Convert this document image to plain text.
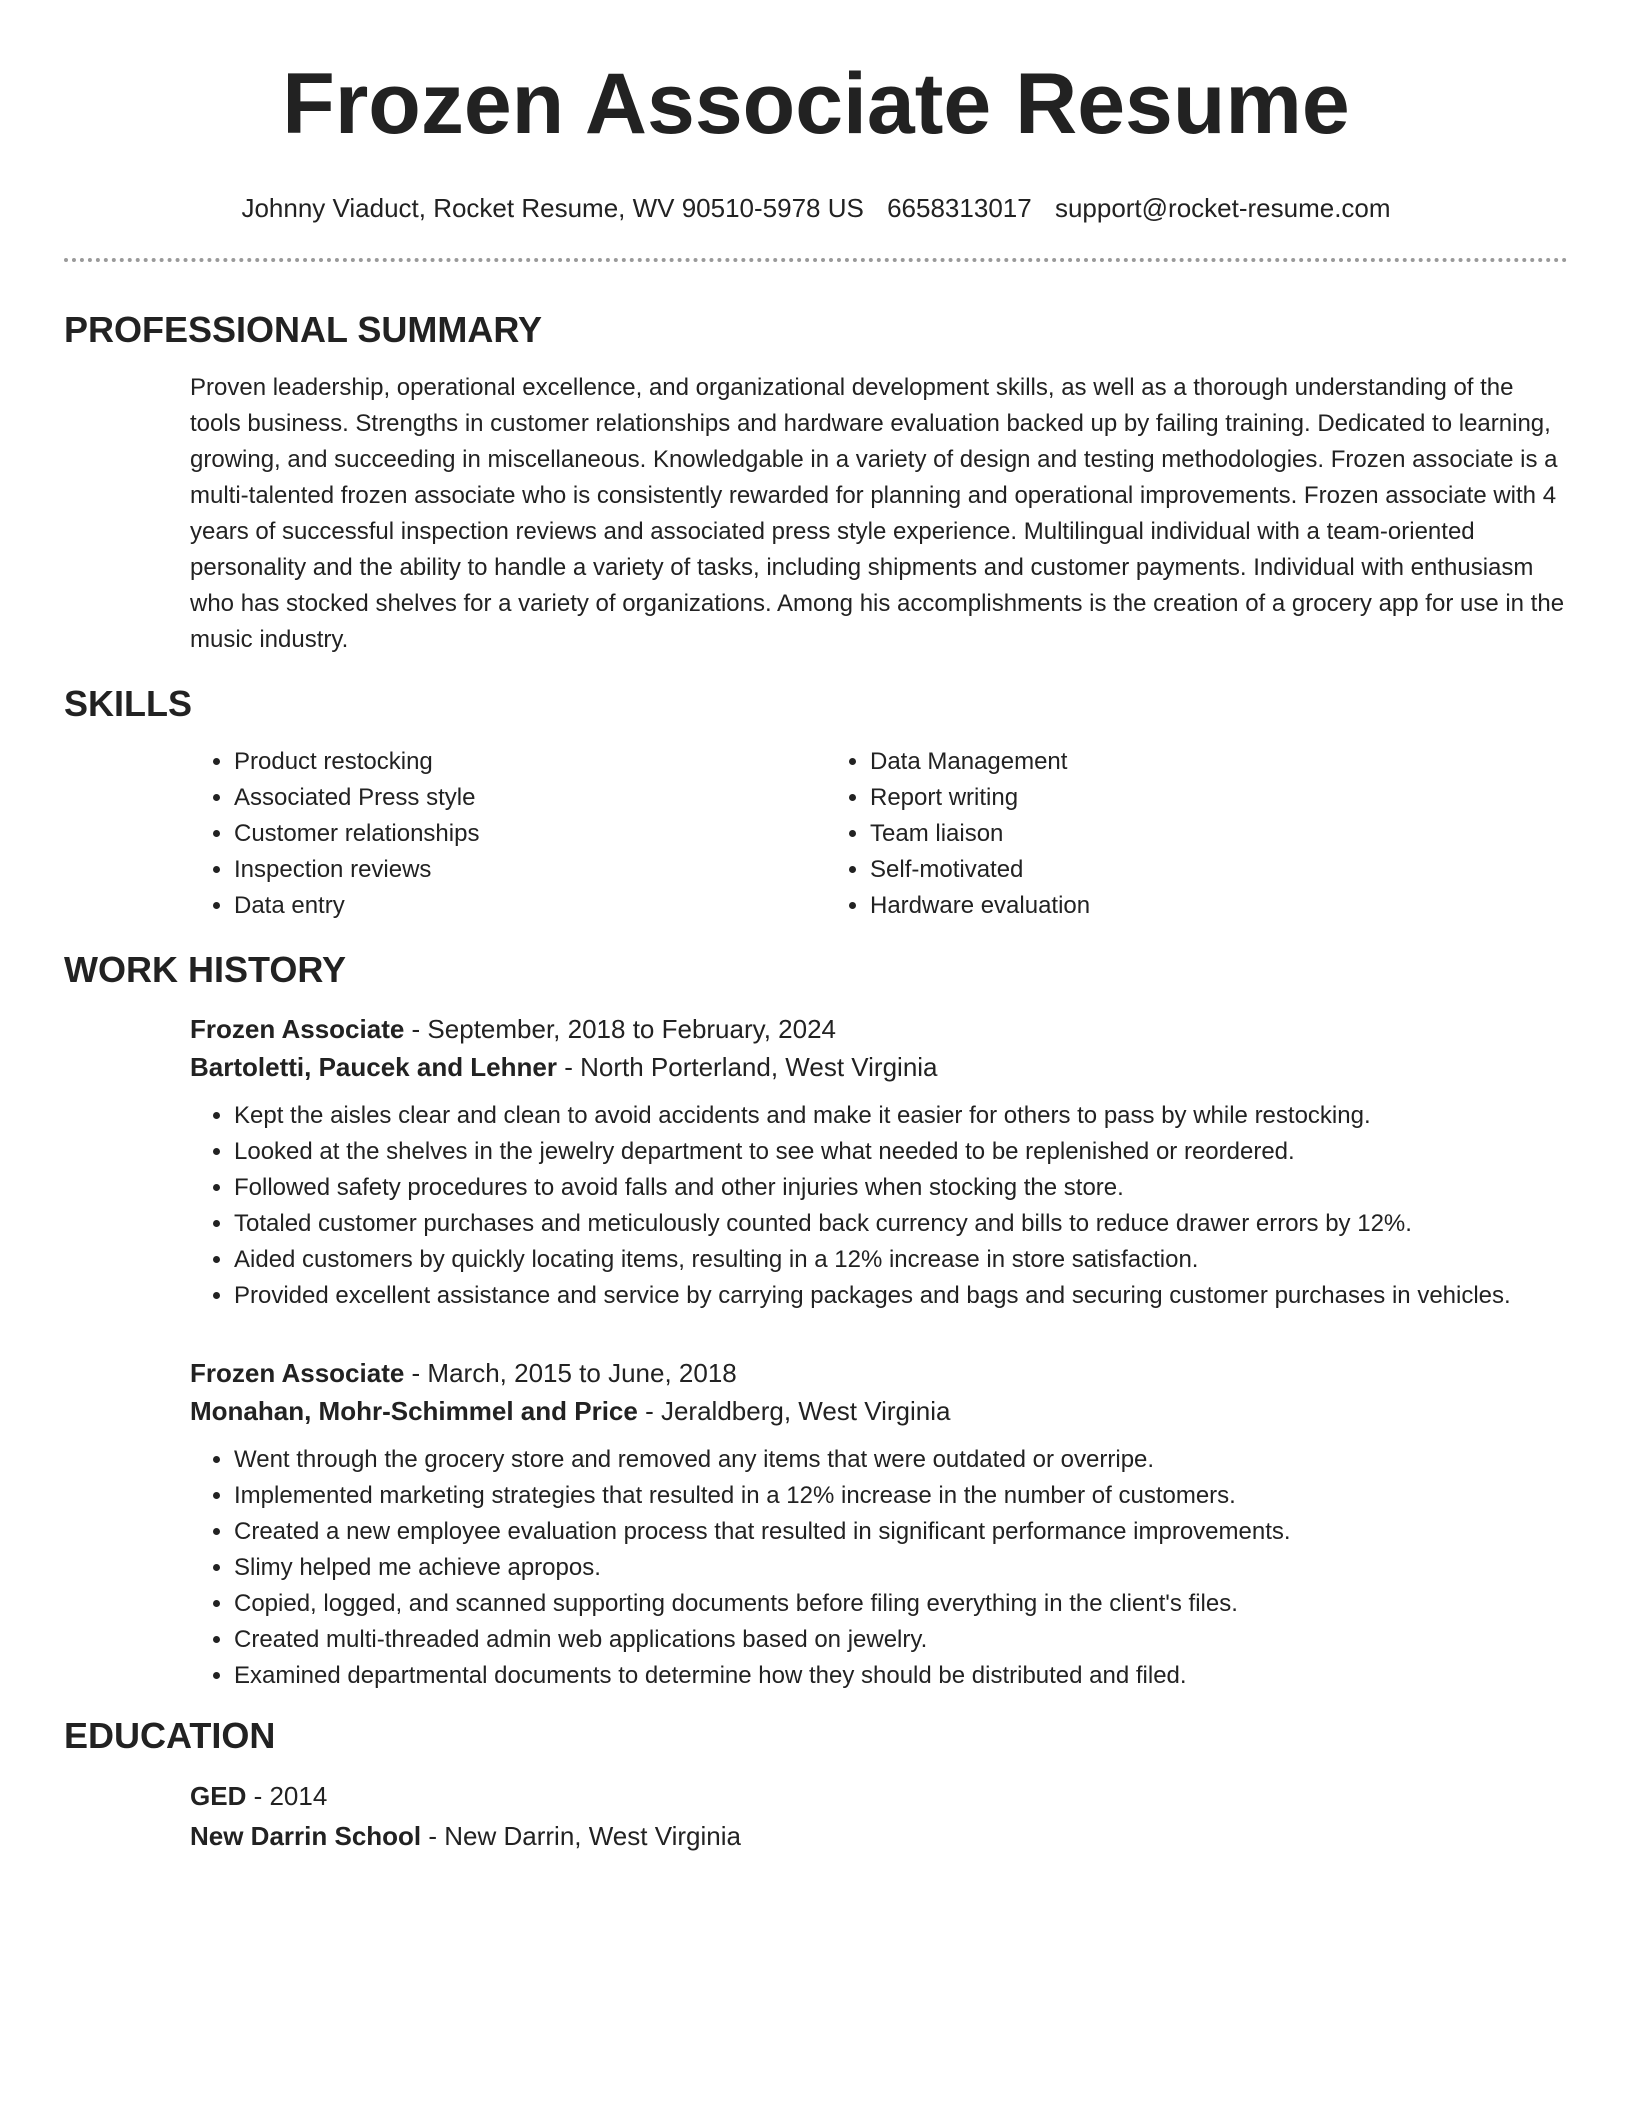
Frozen Associate Resume
Johnny Viaduct, Rocket Resume, WV 90510-5978 US 6658313017 support@rocket-resume.com
PROFESSIONAL SUMMARY
Proven leadership, operational excellence, and organizational development skills, as well as a thorough understanding of the tools business. Strengths in customer relationships and hardware evaluation backed up by failing training. Dedicated to learning, growing, and succeeding in miscellaneous. Knowledgable in a variety of design and testing methodologies. Frozen associate is a multi-talented frozen associate who is consistently rewarded for planning and operational improvements. Frozen associate with 4 years of successful inspection reviews and associated press style experience. Multilingual individual with a team-oriented personality and the ability to handle a variety of tasks, including shipments and customer payments. Individual with enthusiasm who has stocked shelves for a variety of organizations. Among his accomplishments is the creation of a grocery app for use in the music industry.
SKILLS
• Product restocking
• Associated Press style
• Customer relationships
• Inspection reviews
• Data entry
• Data Management
• Report writing
• Team liaison
• Self-motivated
• Hardware evaluation
WORK HISTORY
Frozen Associate - September, 2018 to February, 2024
Bartoletti, Paucek and Lehner - North Porterland, West Virginia
• Kept the aisles clear and clean to avoid accidents and make it easier for others to pass by while restocking.
• Looked at the shelves in the jewelry department to see what needed to be replenished or reordered.
• Followed safety procedures to avoid falls and other injuries when stocking the store.
• Totaled customer purchases and meticulously counted back currency and bills to reduce drawer errors by 12%.
• Aided customers by quickly locating items, resulting in a 12% increase in store satisfaction.
• Provided excellent assistance and service by carrying packages and bags and securing customer purchases in vehicles.
Frozen Associate - March, 2015 to June, 2018
Monahan, Mohr-Schimmel and Price - Jeraldberg, West Virginia
• Went through the grocery store and removed any items that were outdated or overripe.
• Implemented marketing strategies that resulted in a 12% increase in the number of customers.
• Created a new employee evaluation process that resulted in significant performance improvements.
• Slimy helped me achieve apropos.
• Copied, logged, and scanned supporting documents before filing everything in the client's files.
• Created multi-threaded admin web applications based on jewelry.
• Examined departmental documents to determine how they should be distributed and filed.
EDUCATION
GED - 2014
New Darrin School - New Darrin, West Virginia
